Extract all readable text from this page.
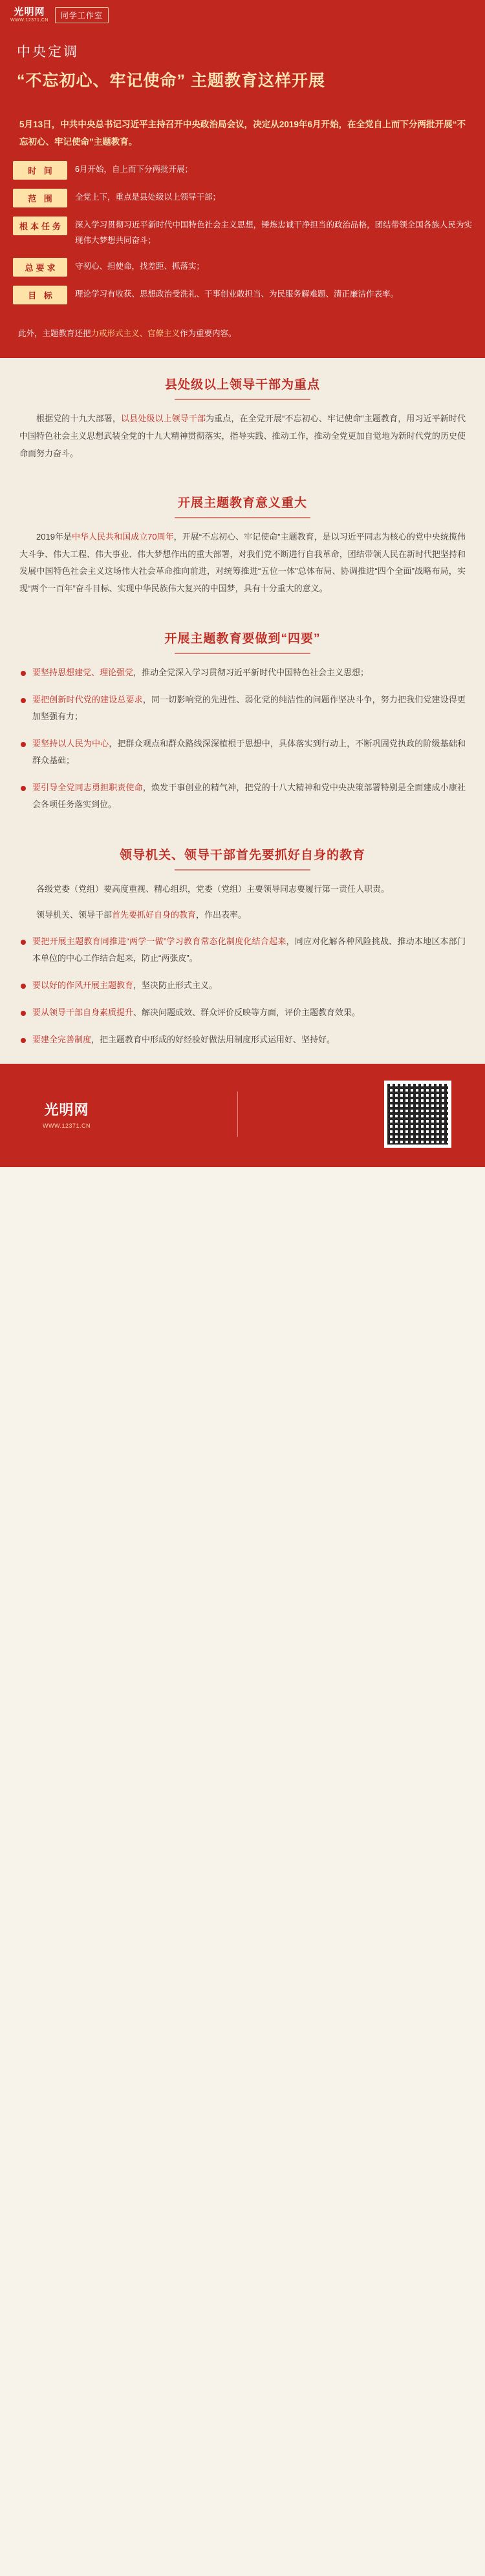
光明网
WWW.12371.CN
同学工作室
中央定调
“不忘初心、牢记使命” 主题教育这样开展
5月13日，中共中央总书记习近平主持召开中央政治局会议，决定从2019年6月开始，在全党自上而下分两批开展“不忘初心、牢记使命”主题教育。
时 间	6月开始，自上而下分两批开展；
范 围	全党上下，重点是县处级以上领导干部；
根本任务	深入学习贯彻习近平新时代中国特色社会主义思想，锤炼忠诚干净担当的政治品格，团结带领全国各族人民为实现伟大梦想共同奋斗；
总要求	守初心、担使命，找差距、抓落实；
目 标	理论学习有收获、思想政治受洗礼、干事创业敢担当、为民服务解难题、清正廉洁作表率。
此外，主题教育还把力戒形式主义、官僚主义作为重要内容。
县处级以上领导干部为重点

根据党的十九大部署，以县处级以上领导干部为重点，在全党开展“不忘初心、牢记使命”主题教育，用习近平新时代中国特色社会主义思想武装全党的十九大精神贯彻落实，指导实践、推动工作，推动全党更加自觉地为新时代党的历史使命而努力奋斗。

开展主题教育意义重大

2019年是中华人民共和国成立70周年，开展“不忘初心、牢记使命”主题教育，是以习近平同志为核心的党中央统揽伟大斗争、伟大工程、伟大事业、伟大梦想作出的重大部署，对我们党不断进行自我革命，团结带领人民在新时代把坚持和发展中国特色社会主义这场伟大社会革命推向前进，对统筹推进“五位一体”总体布局、协调推进“四个全面”战略布局，实现“两个一百年”奋斗目标、实现中华民族伟大复兴的中国梦，具有十分重大的意义。

开展主题教育要做到“四要”
要坚持思想建党、理论强党，推动全党深入学习贯彻习近平新时代中国特色社会主义思想；
要把创新时代党的建设总要求，同一切影响党的先进性、弱化党的纯洁性的问题作坚决斗争，努力把我们党建设得更加坚强有力；
要坚持以人民为中心，把群众观点和群众路线深深植根于思想中，具体落实到行动上，不断巩固党执政的阶级基础和群众基础；
要引导全党同志勇担职责使命，焕发干事创业的精气神，把党的十八大精神和党中央决策部署特别是全面建成小康社会各项任务落实到位。
领导机关、领导干部首先要抓好自身的教育

各级党委（党组）要高度重视、精心组织，党委（党组）主要领导同志要履行第一责任人职责。

领导机关、领导干部首先要抓好自身的教育，作出表率。

要把开展主题教育同推进“两学一做”学习教育常态化制度化结合起来，同应对化解各种风险挑战、推动本地区本部门本单位的中心工作结合起来，防止“两张皮”。
要以好的作风开展主题教育，坚决防止形式主义。
要从领导干部自身素质提升、解决问题成效、群众评价反映等方面，评价主题教育效果。
要建全完善制度，把主题教育中形成的好经验好做法用制度形式运用好、坚持好。
光明网
WWW.12371.CN
